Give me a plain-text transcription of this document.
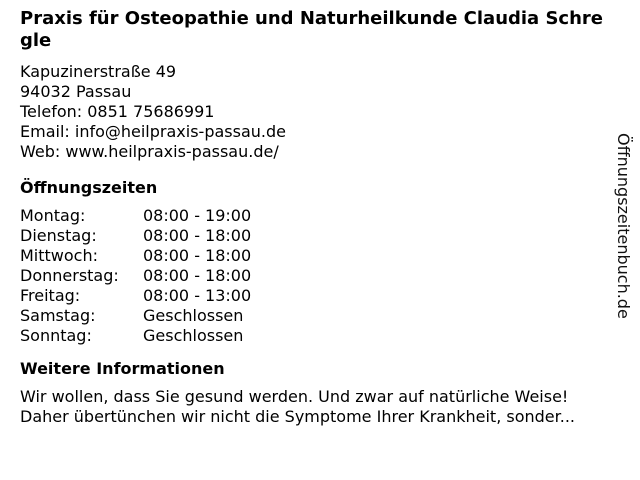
Praxis für Osteopathie und Naturheilkunde Claudia Schregle
Kapuzinerstraße 49
94032 Passau
Telefon: 0851 75686991
Email: info@heilpraxis-passau.de
Web: www.heilpraxis-passau.de/
Öffnungszeiten
Montag:	08:00 - 19:00
Dienstag:	08:00 - 18:00
Mittwoch:	08:00 - 18:00
Donnerstag:	08:00 - 18:00
Freitag:	08:00 - 13:00
Samstag:	Geschlossen
Sonntag:	Geschlossen
Weitere Informationen
Wir wollen, dass Sie gesund werden. Und zwar auf natürliche Weise!
Daher übertünchen wir nicht die Symptome Ihrer Krankheit, sonder...
Öffnungszeitenbuch.de
